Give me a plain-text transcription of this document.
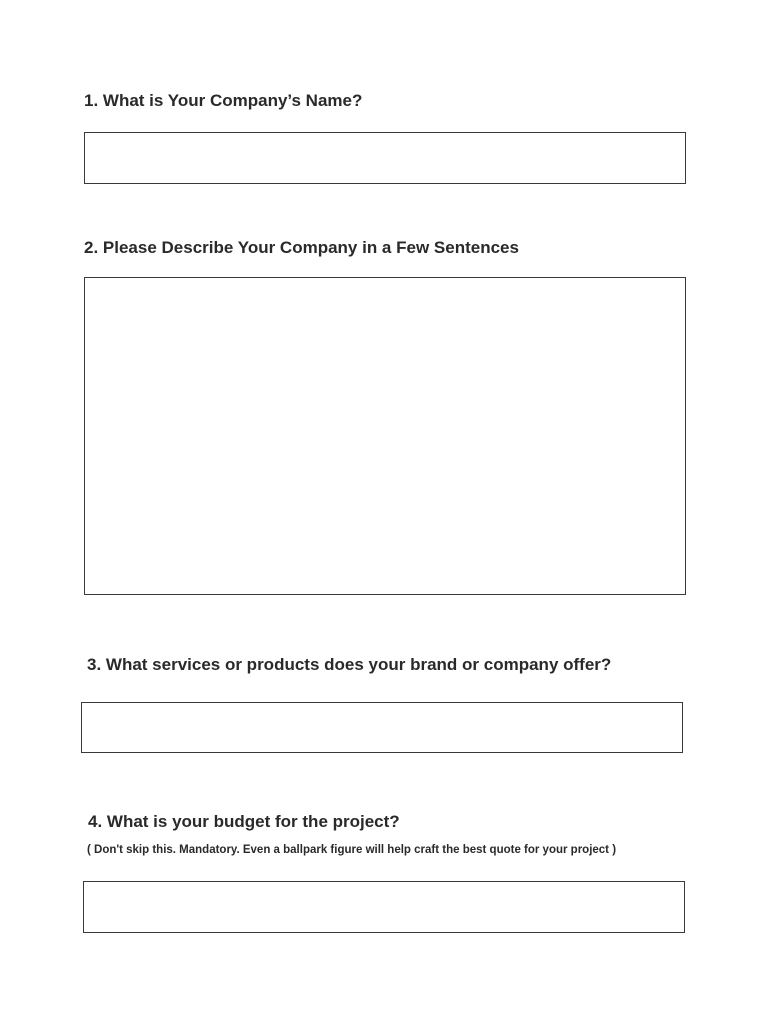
1. What is Your Company’s Name?

2. Please Describe Your Company in a Few Sentences

3. What services or products does your brand or company offer?

4. What is your budget for the project?

( Don't skip this. Mandatory. Even a ballpark figure will help craft the best quote for your project )
